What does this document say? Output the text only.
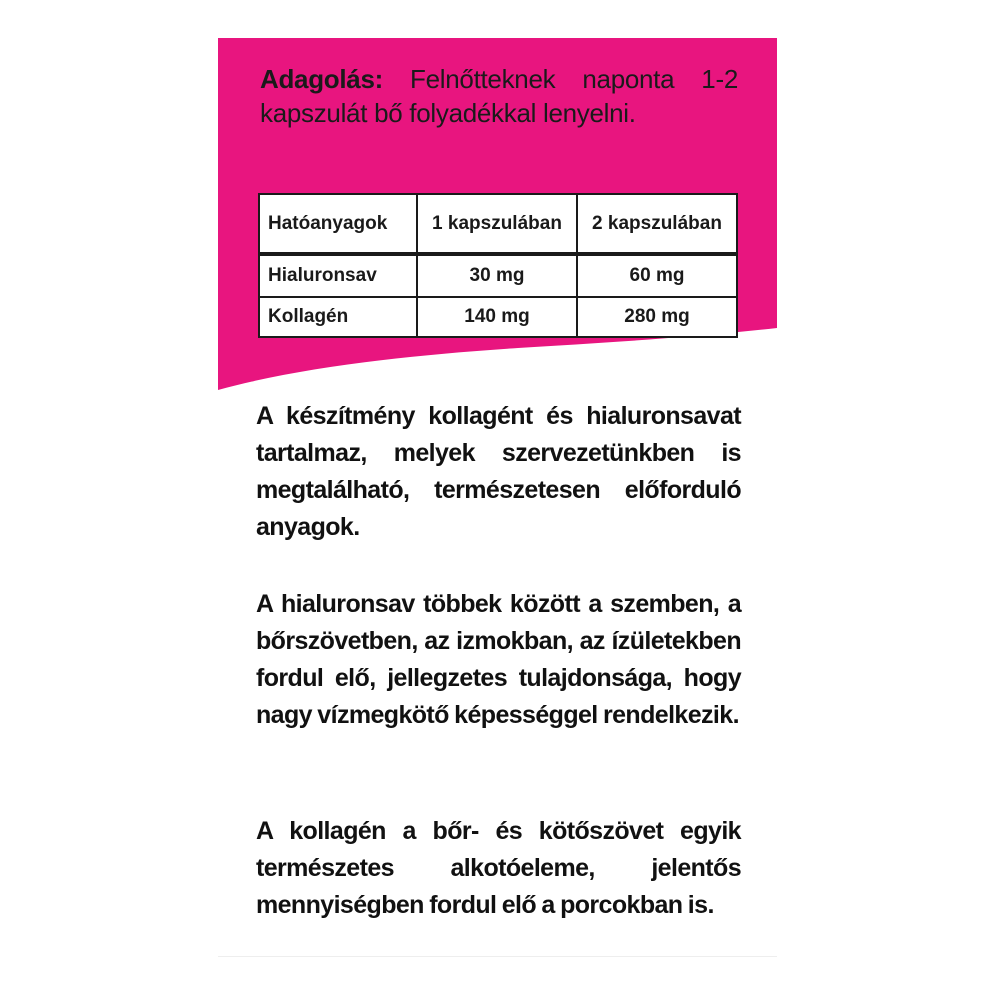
Adagolás: Felnőtteknek naponta 1-2 kapszulát bő folyadékkal lenyelni.
Hatóanyagok	1 kapszulában	2 kapszulában
Hialuronsav	30 mg	60 mg
Kollagén	140 mg	280 mg

A készítmény kollagént és hialuronsavat tartalmaz, melyek szervezetünkben is megtalálható, természetesen előforduló anyagok.

A hialuronsav többek között a szemben, a bőrszövetben, az izmokban, az ízületekben fordul elő, jellegzetes tulajdonsága, hogy nagy vízmegkötő képességgel rendelkezik.

A kollagén a bőr- és kötőszövet egyik természetes alkotóeleme, jelentős mennyiségben fordul elő a porcokban is.
